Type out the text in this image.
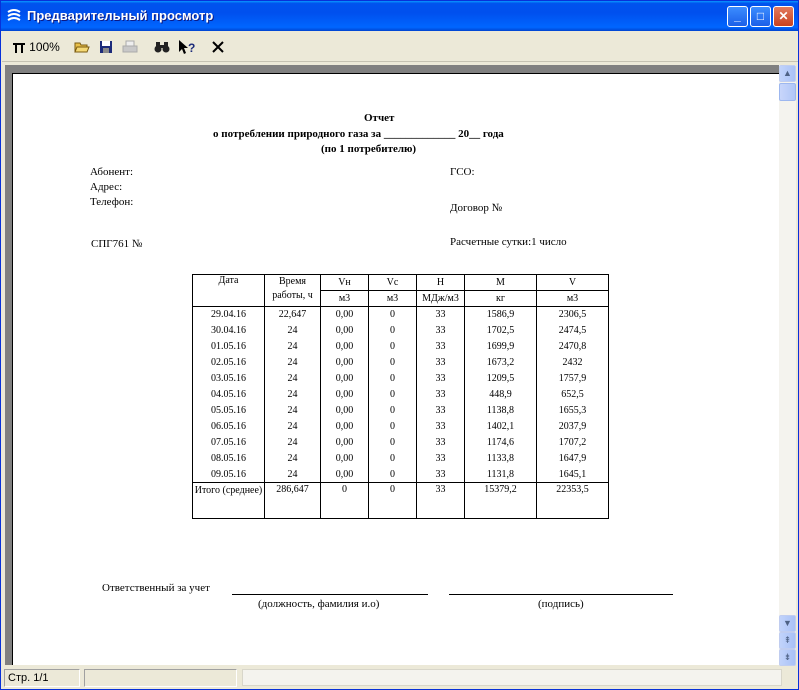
Предварительный просмотр	_	□	✕
100%	?
Отчет
о потреблении природного газа за _____________ 20__ года
(по 1 потребителю)
Абонент:
Адрес:
Телефон:
ГСО:
Договор №
СПГ761 №	Расчетные сутки:1 число
Дата	Время работы, ч	Vн	Vc	H	M	V
		м3	м3	МДж/м3	кг	м3
29.04.16	22,647	0,00	0	33	1586,9	2306,5
30.04.16	24	0,00	0	33	1702,5	2474,5
01.05.16	24	0,00	0	33	1699,9	2470,8
02.05.16	24	0,00	0	33	1673,2	2432
03.05.16	24	0,00	0	33	1209,5	1757,9
04.05.16	24	0,00	0	33	448,9	652,5
05.05.16	24	0,00	0	33	1138,8	1655,3
06.05.16	24	0,00	0	33	1402,1	2037,9
07.05.16	24	0,00	0	33	1174,6	1707,2
08.05.16	24	0,00	0	33	1133,8	1647,9
09.05.16	24	0,00	0	33	1131,8	1645,1
Итого (среднее)	286,647	0	0	33	15379,2	22353,5
Ответственный за учет
(должность, фамилия и.о)	(подпись)
▲
▼
⇞
⇟
Стр. 1/1
